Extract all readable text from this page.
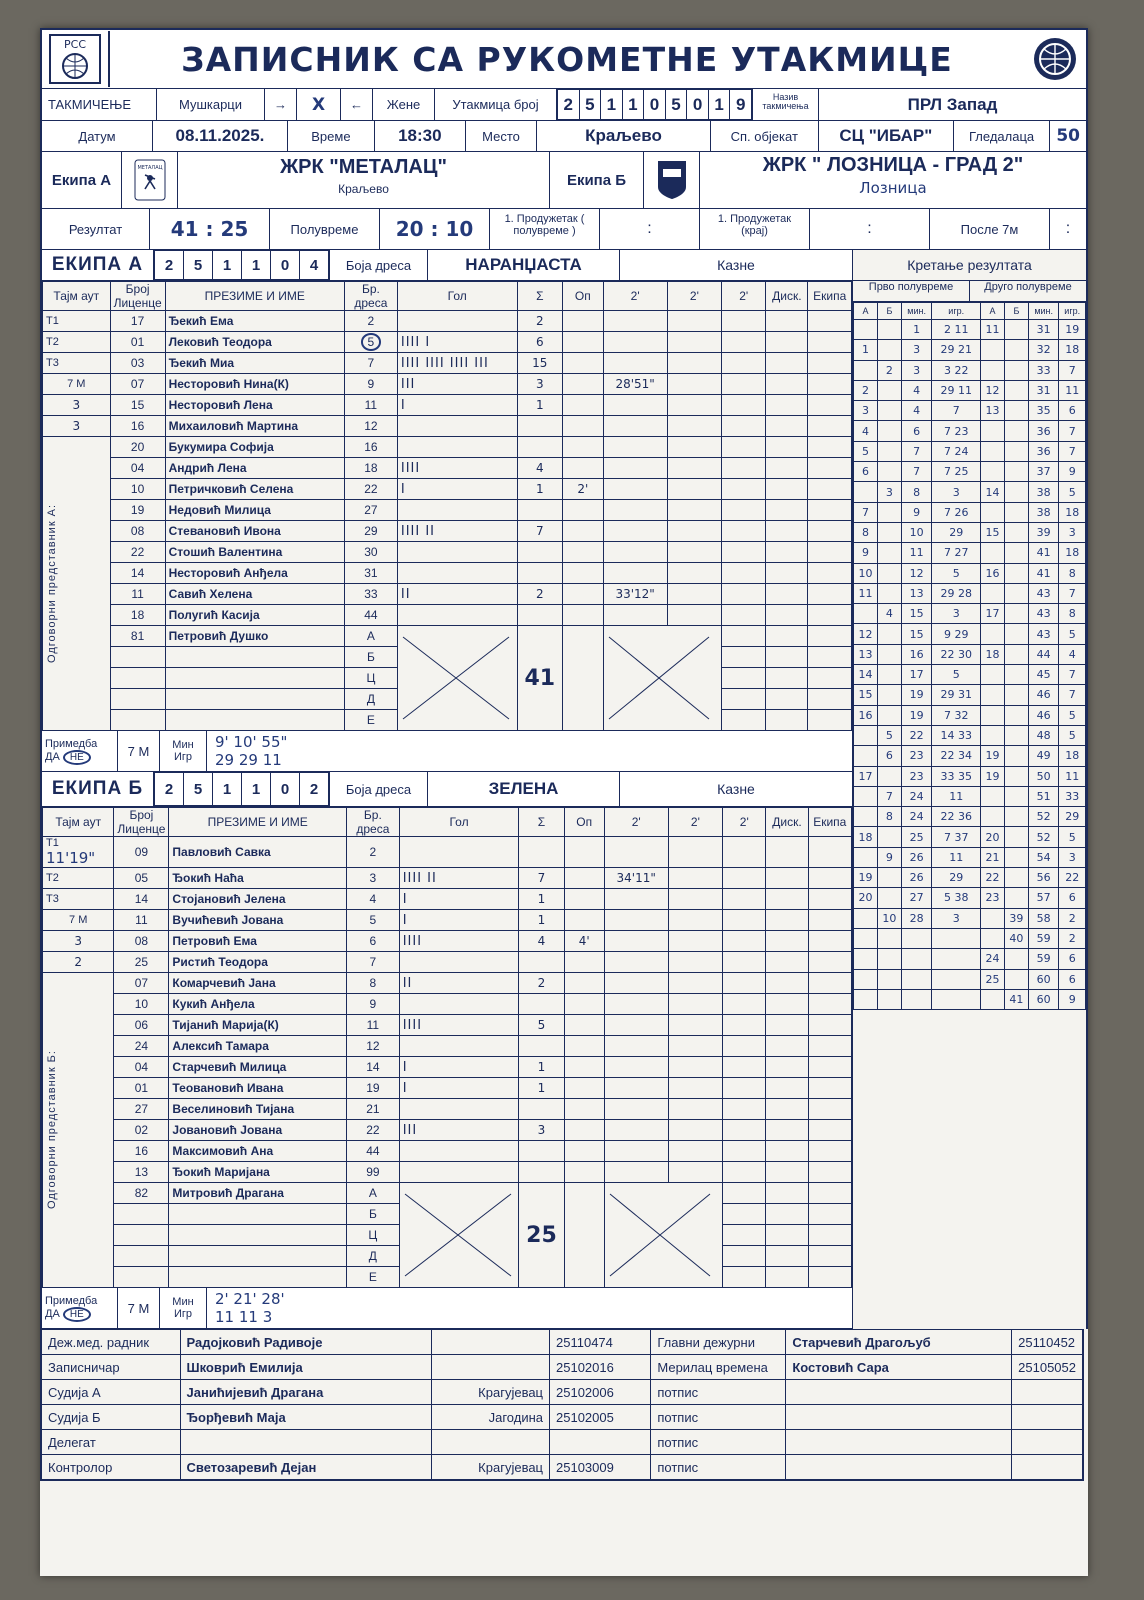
РСС	ЗАПИСНИК СА РУКОМЕТНЕ УТАКМИЦЕ
ТАКМИЧЕЊЕ	Мушкарци	→	X	←	Жене	Утакмица број	2	5	1	1	0	5	0	1	9	Назив такмичења	ПРЛ Запад
Датум	08.11.2025.	Време	18:30	Место	Краљево	Сп. објекат	СЦ "ИБАР"	Гледалаца	50
Екипа А
МЕТАЛАЦ	ЖРК "МЕТАЛАЦ"
Краљево
Екипа Б
ЖРК " ЛОЗНИЦА - ГРАД 2"
Лозница
Резултат	41 : 25	Полувреме	20 : 10	1. Продужетак ( полувреме )	:
1. Продужетак (крај)	:	После 7м	:
ЕКИПА А	2	5	1	1	0	4	Боја дреса	НАРАНЏАСТА	Казне
Тајм аут	Број Лиценце	ПРЕЗИМЕ И ИМЕ	Бр. дреса	Гол	Σ	Оп	2'	2'	2'	Диск.	Екипа
Т1	17	Ђекић Ема	2		2						
Т2	01	Лековић Теодора	5	IIII I	6						
Т3	03	Ђекић Миа	7	IIII IIII IIII III	15						
7 М	07	Несторовић Нина(К)	9	III	3		28'51"				
3	15	Несторовић Лена	11	I	1						
3	16	Михаиловић Мартина	12								

Одговорни представник А:	20	Букумира Софија	16								
	04	Андрић Лена	18	IIII	4						
	10	Петричковић Селена	22	I	1	2'					
	19	Недовић Милица	27								
	08	Стевановић Ивона	29	IIII II	7						
	22	Стошић Валентина	30								
	14	Несторовић Анђела	31								
	11	Савић Хелена	33	II	2		33'12"				
	18	Полугић Касија	44								
	81	Петровић Душко	А		41		

			Б								
			Ц								
			Д								
			Е								
Примедба
ДА НЕ	7 М	Мин
Игр
9' 10' 55"
29 29 11
ЕКИПА Б	2	5	1	1	0	2	Боја дреса	ЗЕЛЕНА	Казне
Тајм аут	Број Лиценце	ПРЕЗИМЕ И ИМЕ	Бр. дреса	Гол	Σ	Оп	2'	2'	2'	Диск.	Екипа
Т1 11'19"	09	Павловић Савка	2								
Т2	05	Ђокић Наћа	3	IIII II	7		34'11"				
Т3	14	Стојановић Јелена	4	I	1						
7 М	11	Вучићевић Јована	5	I	1						
3	08	Петровић Ема	6	IIII	4	4'					
2	25	Ристић Теодора	7								

Одговорни представник Б:	07	Комарчевић Јана	8	II	2						
	10	Кукић Анђела	9								
	06	Тијанић Марија(К)	11	IIII	5						
	24	Алексић Тамара	12								
	04	Старчевић Милица	14	I	1						
	01	Теовановић Ивана	19	I	1						
	27	Веселиновић Тијана	21								
	02	Јовановић Јована	22	III	3						
	16	Максимовић Ана	44								
	13	Ђокић Маријана	99								
	82	Митровић Драгана	А		25		

			Б								
			Ц								
			Д								
			Е								
Примедба
ДА НЕ	7 М	Мин
Игр
2' 21' 28'
11 11 3
Кретање резултата
Прво полувреме	Друго полувреме
А	Б	мин.	игр.	А	Б	мин.	игр.
		1	2 11	11		31	19
1		3	29 21			32	18
	2	3	3 22			33	7
2		4	29 11	12		31	11
3		4	7	13		35	6
4		6	7 23			36	7
5		7	7 24			36	7
6		7	7 25			37	9
	3	8	3	14		38	5
7		9	7 26			38	18
8		10	29	15		39	3
9		11	7 27			41	18
10		12	5	16		41	8
11		13	29 28			43	7
	4	15	3	17		43	8
12		15	9 29			43	5
13		16	22 30	18		44	4
14		17	5			45	7
15		19	29 31			46	7
16		19	7 32			46	5
	5	22	14 33			48	5
	6	23	22 34	19		49	18
17		23	33 35	19		50	11
	7	24	11			51	33
	8	24	22 36			52	29
18		25	7 37	20		52	5
	9	26	11	21		54	3
19		26	29	22		56	22
20		27	5 38	23		57	6
	10	28	3		39	58	2
					40	59	2
				24		59	6
				25		60	6
					41	60	9
Деж.мед. радник	Радојковић Радивоје		25110474	Главни дежурни	Старчевић Драгољуб	25110452
Записничар	Шковрић Емилија		25102016	Мерилац времена	Костовић Сара	25105052
Судија А	Јанићијевић Драгана	Крагујевац	25102006	потпис		
Судија Б	Ђорђевић Маја	Јагодина	25102005	потпис		
Делегат				потпис		
Контролор	Светозаревић Дејан	Крагујевац	25103009	потпис		
